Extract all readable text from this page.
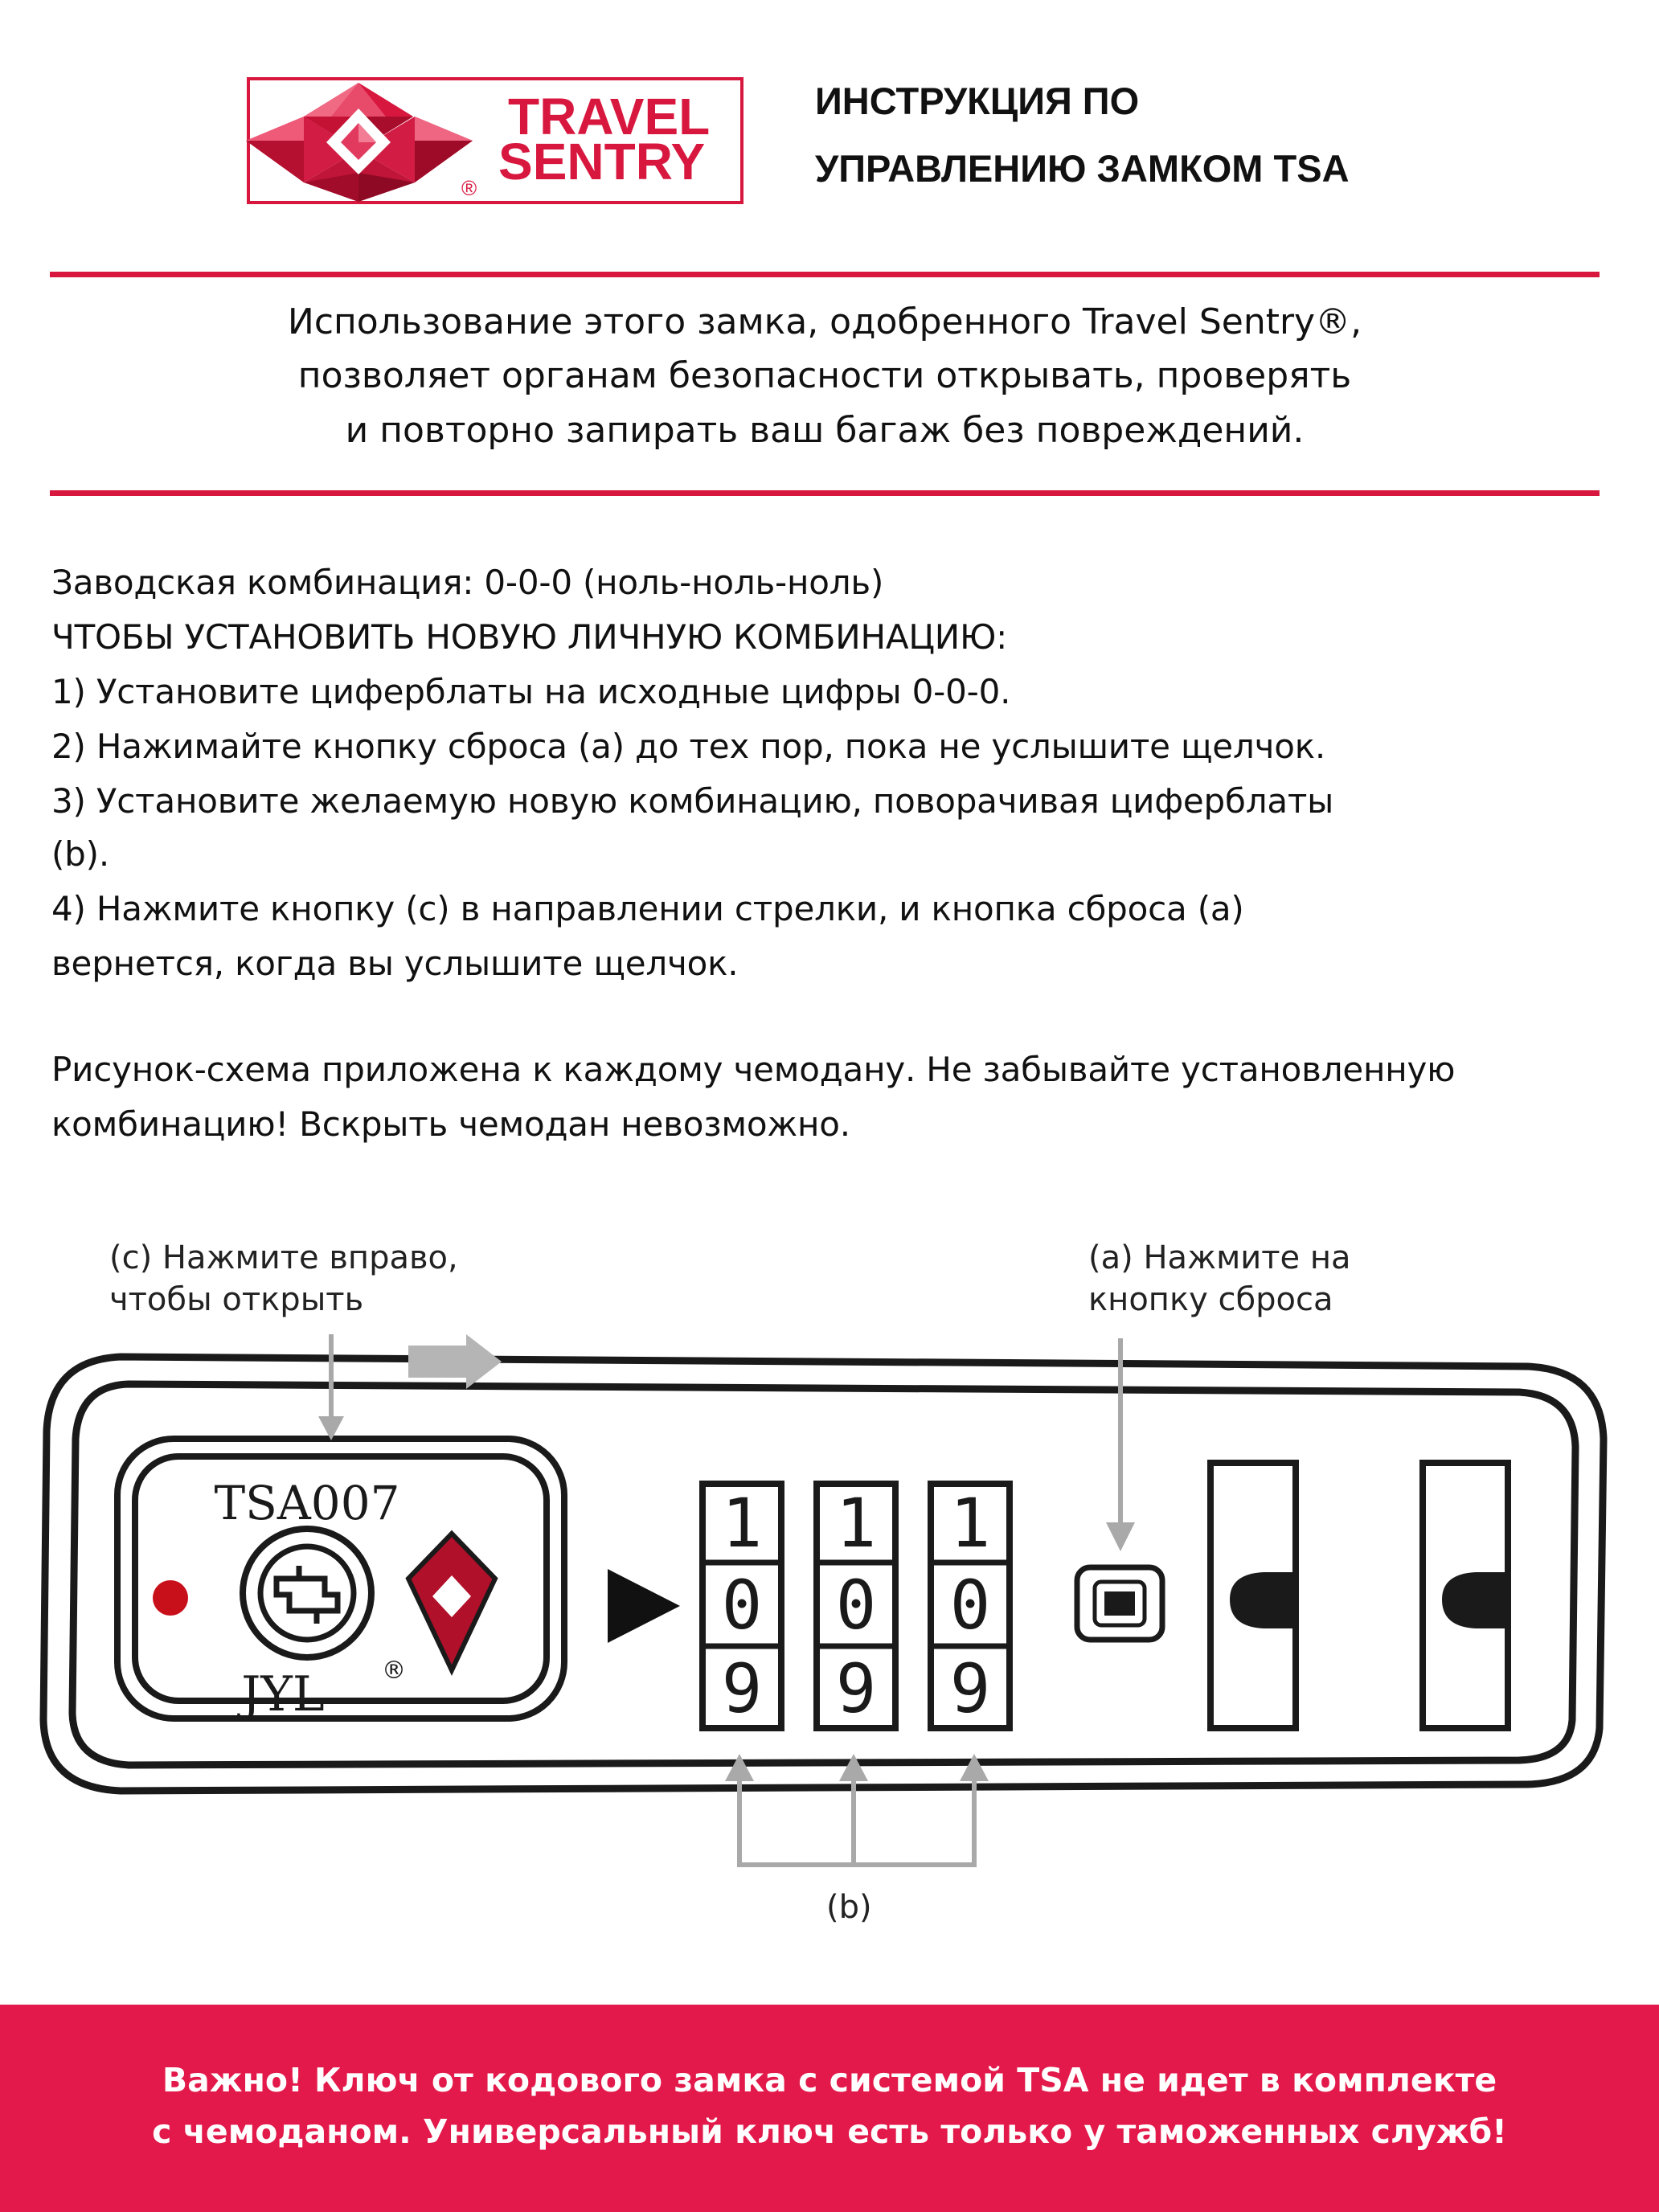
®
TRAVEL
SENTRY
ИНСТРУКЦИЯ ПО
УПРАВЛЕНИЮ ЗАМКОМ TSA
Использование этого замка, одобренного Travel Sentry®,
позволяет органам безопасности открывать, проверять
и повторно запирать ваш багаж без повреждений.
Заводская комбинация: 0-0-0 (ноль-ноль-ноль)
ЧТОБЫ УСТАНОВИТЬ НОВУЮ ЛИЧНУЮ КОМБИНАЦИЮ:
1) Установите циферблаты на исходные цифры 0-0-0.
2) Нажимайте кнопку сброса (a) до тех пор, пока не услышите щелчок.
3) Установите желаемую новую комбинацию, поворачивая циферблаты
(b).
4) Нажмите кнопку (c) в направлении стрелки, и кнопка сброса (a)
вернется, когда вы услышите щелчок.
Рисунок-схема приложена к каждому чемодану. Не забывайте установленную
комбинацию! Вскрыть чемодан невозможно.
(c) Нажмите вправо,
чтобы открыть
(a) Нажмите на
кнопку сброса
TSA007
JYL ®
1
0
9
1
0
9
1
0
9
(b)
Важно! Ключ от кодового замка с системой TSA не идет в комплекте
с чемоданом. Универсальный ключ есть только у таможенных служб!
